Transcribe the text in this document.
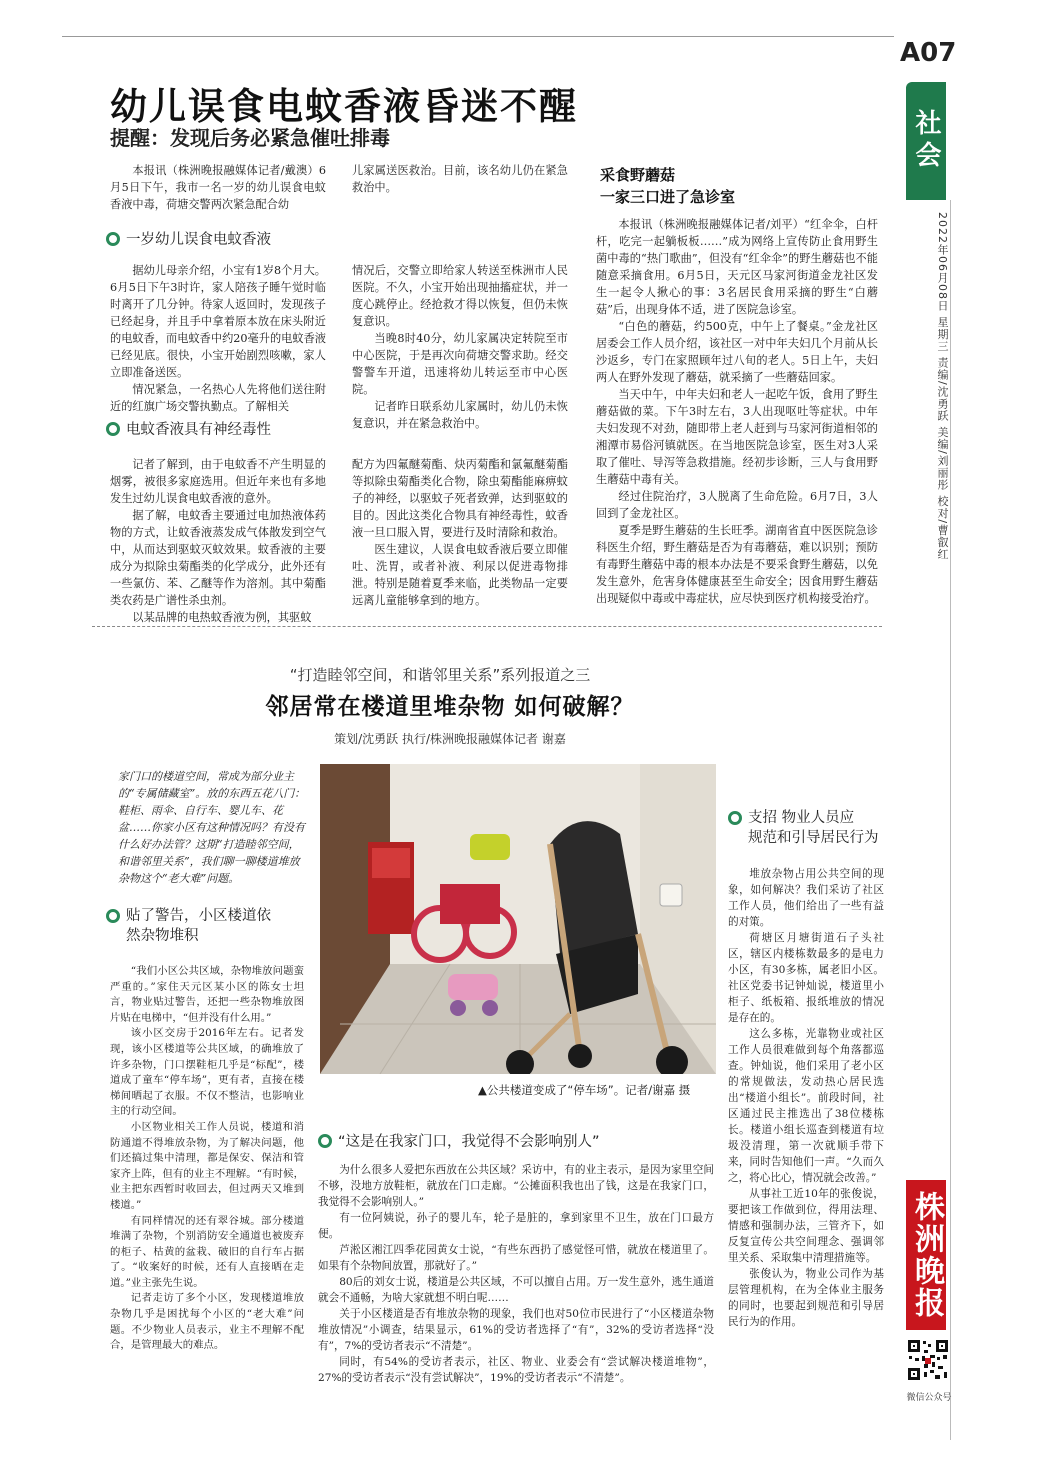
A07
社会
2022年06月08日 星期三 责编/沈勇跃 美编/刘丽彤 校对/曹叡红
幼儿误食电蚊香液昏迷不醒
提醒：发现后务必紧急催吐排毒

本报讯（株洲晚报融媒体记者/戴澳）6月5日下午，我市一名一岁的幼儿误食电蚊香液中毒，荷塘交警两次紧急配合幼

儿家属送医救治。目前，该名幼儿仍在紧急救治中。

一岁幼儿误食电蚊香液

据幼儿母亲介绍，小宝有1岁8个月大。6月5日下午3时许，家人陪孩子睡午觉时临时离开了几分钟。待家人返回时，发现孩子已经起身，并且手中拿着原本放在床头附近的电蚊香，而电蚊香中约20毫升的电蚊香液已经见底。很快，小宝开始剧烈咳嗽，家人立即准备送医。

情况紧急，一名热心人先将他们送往附近的红旗广场交警执勤点。了解相关

情况后，交警立即给家人转送至株洲市人民医院。不久，小宝开始出现抽搐症状，并一度心跳停止。经抢救才得以恢复，但仍未恢复意识。

当晚8时40分，幼儿家属决定转院至市中心医院，于是再次向荷塘交警求助。经交警警车开道，迅速将幼儿转运至市中心医院。

记者昨日联系幼儿家属时，幼儿仍未恢复意识，并在紧急救治中。

电蚊香液具有神经毒性

记者了解到，由于电蚊香不产生明显的烟雾，被很多家庭选用。但近年来也有多地发生过幼儿误食电蚊香液的意外。

据了解，电蚊香主要通过电加热液体药物的方式，让蚊香液蒸发成气体散发到空气中，从而达到驱蚊灭蚊效果。蚊香液的主要成分为拟除虫菊酯类的化学成分，此外还有一些氯仿、苯、乙醚等作为溶剂。其中菊酯类农药是广谱性杀虫剂。

以某品牌的电热蚊香液为例，其驱蚊

配方为四氟醚菊酯、炔丙菊酯和氯氟醚菊酯等拟除虫菊酯类化合物，除虫菊酯能麻痹蚊子的神经，以驱蚊子死者致弹，达到驱蚊的目的。因此这类化合物具有神经毒性，蚊香液一旦口服入胃，要进行及时清除和救治。

医生建议，人误食电蚊香液后要立即催吐、洗胃，或者补液、利尿以促进毒物排泄。特别是随着夏季来临，此类物品一定要远离儿童能够拿到的地方。

采食野蘑菇
一家三口进了急诊室

本报讯（株洲晚报融媒体记者/刘平）“红伞伞，白杆杆，吃完一起躺板板……”成为网络上宣传防止食用野生菌中毒的“热门歌曲”，但没有“红伞伞”的野生蘑菇也不能随意采摘食用。6月5日，天元区马家河街道金龙社区发生一起令人揪心的事：3名居民食用采摘的野生“白蘑菇”后，出现身体不适，进了医院急诊室。

“白色的蘑菇，约500克，中午上了餐桌。”金龙社区居委会工作人员介绍，该社区一对中年夫妇几个月前从长沙返乡，专门在家照顾年过八旬的老人。5日上午，夫妇两人在野外发现了蘑菇，就采摘了一些蘑菇回家。

当天中午，中年夫妇和老人一起吃午饭，食用了野生蘑菇做的菜。下午3时左右，3人出现呕吐等症状。中年夫妇发现不对劲，随即带上老人赶到与马家河街道相邻的湘潭市易俗河镇就医。在当地医院急诊室，医生对3人采取了催吐、导泻等急救措施。经初步诊断，三人与食用野生蘑菇中毒有关。

经过住院治疗，3人脱离了生命危险。6月7日，3人回到了金龙社区。

夏季是野生蘑菇的生长旺季。湖南省直中医医院急诊科医生介绍，野生蘑菇是否为有毒蘑菇，难以识别；预防有毒野生蘑菇中毒的根本办法是不要采食野生蘑菇，以免发生意外，危害身体健康甚至生命安全；因食用野生蘑菇出现疑似中毒或中毒症状，应尽快到医疗机构接受治疗。

“打造睦邻空间，和谐邻里关系”系列报道之三
邻居常在楼道里堆杂物 如何破解？
策划/沈勇跃 执行/株洲晚报融媒体记者 谢嘉
家门口的楼道空间，常成为部分业主的“专属储藏室”。放的东西五花八门：鞋柜、雨伞、自行车、婴儿车、花盆……你家小区有这种情况吗？有没有什么好办法管？这期“打造睦邻空间，和谐邻里关系”，我们聊一聊楼道堆放杂物这个“老大难”问题。
贴了警告，小区楼道依
然杂物堆积

“我们小区公共区域，杂物堆放问题蛮严重的。”家住天元区某小区的陈女士坦言，物业贴过警告，还把一些杂物堆放图片贴在电梯中，“但并没有什么用。”

该小区交房于2016年左右。记者发现，该小区楼道等公共区域，的确堆放了许多杂物，门口摆鞋柜几乎是“标配”，楼道成了童车“停车场”，更有者，直接在楼梯间晒起了衣服。不仅不整洁，也影响业主的行动空间。

小区物业相关工作人员说，楼道和消防通道不得堆放杂物，为了解决问题，他们还搞过集中清理，都是保安、保洁和管家齐上阵，但有的业主不理解。“有时候，业主把东西暂时收回去，但过两天又堆到楼道。”

有同样情况的还有翠谷城。部分楼道堆满了杂物，个别消防安全通道也被废弃的柜子、枯黄的盆栽、破旧的自行车占据了。“收案好的时候，还有人直接晒在走道。”业主张先生说。

记者走访了多个小区，发现楼道堆放杂物几乎是困扰每个小区的“老大难”问题。不少物业人员表示，业主不理解不配合，是管理最大的难点。

▲公共楼道变成了“停车场”。记者/谢嘉 摄
“这是在我家门口，我觉得不会影响别人”

为什么很多人爱把东西放在公共区域？采访中，有的业主表示，是因为家里空间不够，没地方放鞋柜，就放在门口走廊。“公摊面积我也出了钱，这是在我家门口，我觉得不会影响别人。”

有一位阿姨说，孙子的婴儿车，轮子是脏的，拿到家里不卫生，放在门口最方便。

芦淞区湘江四季花园黄女士说，“有些东西扔了感觉怪可惜，就放在楼道里了。如果有个杂物间放置，那就好了。”

80后的刘女士说，楼道是公共区域，不可以擅自占用。万一发生意外，逃生通道就会不通畅，为啥大家就想不明白呢……

关于小区楼道是否有堆放杂物的现象，我们也对50位市民进行了“小区楼道杂物堆放情况”小调查，结果显示，61%的受访者选择了“有”，32%的受访者选择“没有”，7%的受访者表示“不清楚”。

同时，有54%的受访者表示，社区、物业、业委会有“尝试解决楼道堆物”，27%的受访者表示“没有尝试解决”，19%的受访者表示“不清楚”。

支招 物业人员应
规范和引导居民行为

堆放杂物占用公共空间的现象，如何解决？我们采访了社区工作人员，他们给出了一些有益的对策。

荷塘区月塘街道石子头社区，辖区内楼栋数最多的是电力小区，有30多栋，属老旧小区。社区党委书记钟灿说，楼道里小柜子、纸板箱、报纸堆放的情况是存在的。

这么多栋，光靠物业或社区工作人员很难做到每个角落都巡查。钟灿说，他们采用了老小区的常规做法，发动热心居民选出“楼道小组长”。前段时间，社区通过民主推选出了38位楼栋长。楼道小组长巡查到楼道有垃圾没清理，第一次就顺手带下来，同时告知他们一声。“久而久之，将心比心，情况就会改善。”

从事社工近10年的张俊说，要把该工作做到位，得用法理、情感和强制办法，三管齐下，如反复宣传公共空间理念、强调邻里关系、采取集中清理措施等。

张俊认为，物业公司作为基层管理机构，在为全体业主服务的同时，也要起到规范和引导居民行为的作用。

株洲晚报
微信公众号
